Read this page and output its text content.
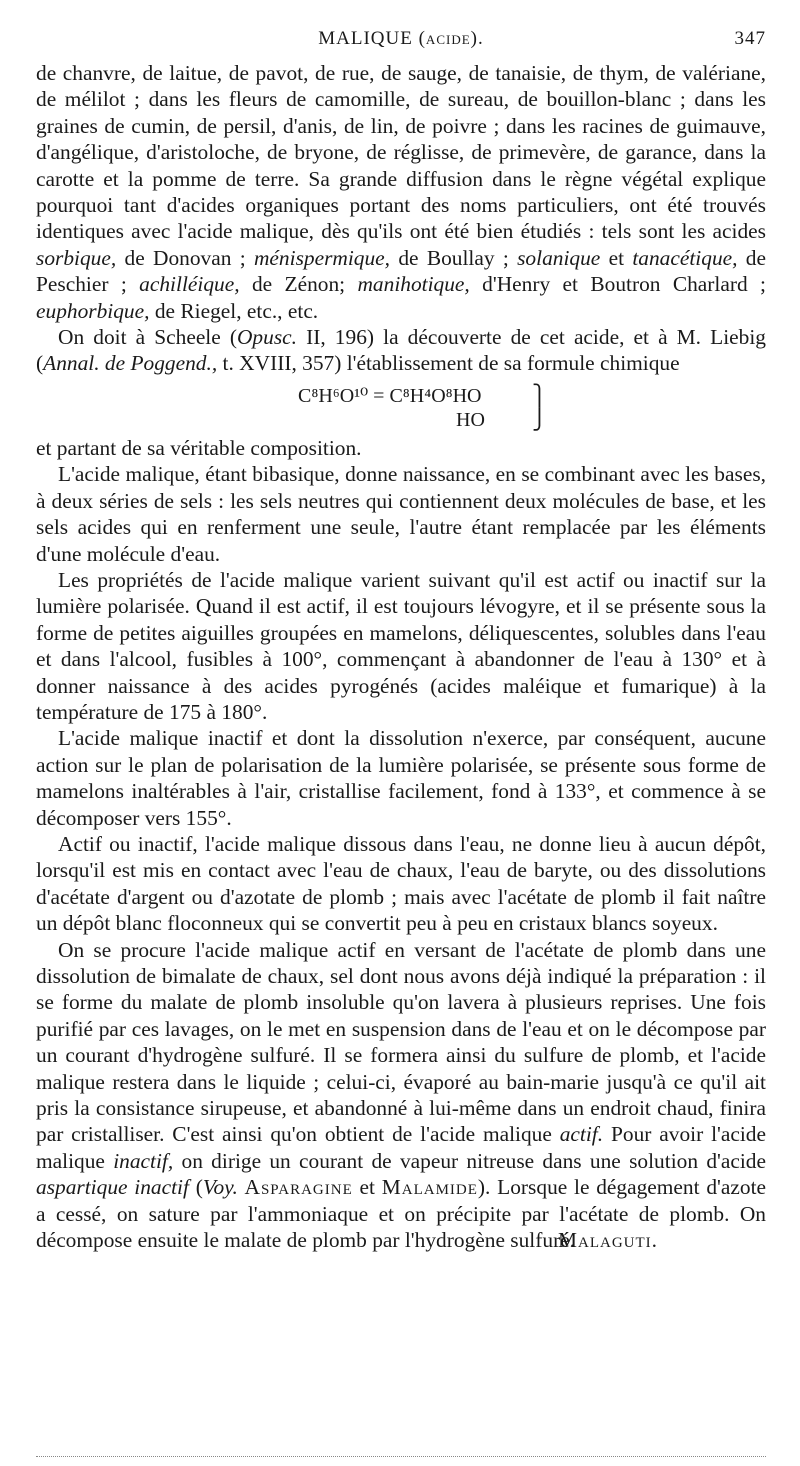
MALIQUE (acide).	347

de chanvre, de laitue, de pavot, de rue, de sauge, de tanaisie, de thym, de valériane, de mélilot ; dans les fleurs de camomille, de sureau, de bouillon-blanc ; dans les graines de cumin, de persil, d'anis, de lin, de poivre ; dans les racines de guimauve, d'angélique, d'aristoloche, de bryone, de réglisse, de primevère, de garance, dans la carotte et la pomme de terre. Sa grande diffusion dans le règne végétal explique pourquoi tant d'acides organiques portant des noms particuliers, ont été trouvés identiques avec l'acide malique, dès qu'ils ont été bien étudiés : tels sont les acides sorbique, de Donovan ; ménispermique, de Boullay ; solanique et tanacétique, de Peschier ; achilléique, de Zénon; manihotique, d'Henry et Boutron Charlard ; euphorbique, de Riegel, etc., etc.

On doit à Scheele (Opusc. II, 196) la découverte de cet acide, et à M. Liebig (Annal. de Poggend., t. XVIII, 357) l'établissement de sa formule chimique

C⁸H⁶O¹⁰ = C⁸H⁴O⁸HO
HO
⎫
⎭

et partant de sa véritable composition.

L'acide malique, étant bibasique, donne naissance, en se combinant avec les bases, à deux séries de sels : les sels neutres qui contiennent deux molécules de base, et les sels acides qui en renferment une seule, l'autre étant remplacée par les éléments d'une molécule d'eau.

Les propriétés de l'acide malique varient suivant qu'il est actif ou inactif sur la lumière polarisée. Quand il est actif, il est toujours lévogyre, et il se présente sous la forme de petites aiguilles groupées en mamelons, déliquescentes, solubles dans l'eau et dans l'alcool, fusibles à 100°, commençant à abandonner de l'eau à 130° et à donner naissance à des acides pyrogénés (acides maléique et fumarique) à la température de 175 à 180°.

L'acide malique inactif et dont la dissolution n'exerce, par conséquent, aucune action sur le plan de polarisation de la lumière polarisée, se présente sous forme de mamelons inaltérables à l'air, cristallise facilement, fond à 133°, et commence à se décomposer vers 155°.

Actif ou inactif, l'acide malique dissous dans l'eau, ne donne lieu à aucun dépôt, lorsqu'il est mis en contact avec l'eau de chaux, l'eau de baryte, ou des dissolutions d'acétate d'argent ou d'azotate de plomb ; mais avec l'acétate de plomb il fait naître un dépôt blanc floconneux qui se convertit peu à peu en cristaux blancs soyeux.

On se procure l'acide malique actif en versant de l'acétate de plomb dans une dissolution de bimalate de chaux, sel dont nous avons déjà indiqué la préparation : il se forme du malate de plomb insoluble qu'on lavera à plusieurs reprises. Une fois purifié par ces lavages, on le met en suspension dans de l'eau et on le décompose par un courant d'hydrogène sulfuré. Il se formera ainsi du sulfure de plomb, et l'acide malique restera dans le liquide ; celui-ci, évaporé au bain-marie jusqu'à ce qu'il ait pris la consistance sirupeuse, et abandonné à lui-même dans un endroit chaud, finira par cristalliser. C'est ainsi qu'on obtient de l'acide malique actif. Pour avoir l'acide malique inactif, on dirige un courant de vapeur nitreuse dans une solution d'acide aspartique inactif (Voy. Asparagine et Malamide). Lorsque le dégagement d'azote a cessé, on sature par l'ammoniaque et on précipite par l'acétate de plomb. On décompose ensuite le malate de plomb par l'hydrogène sulfuré.

Malaguti.
